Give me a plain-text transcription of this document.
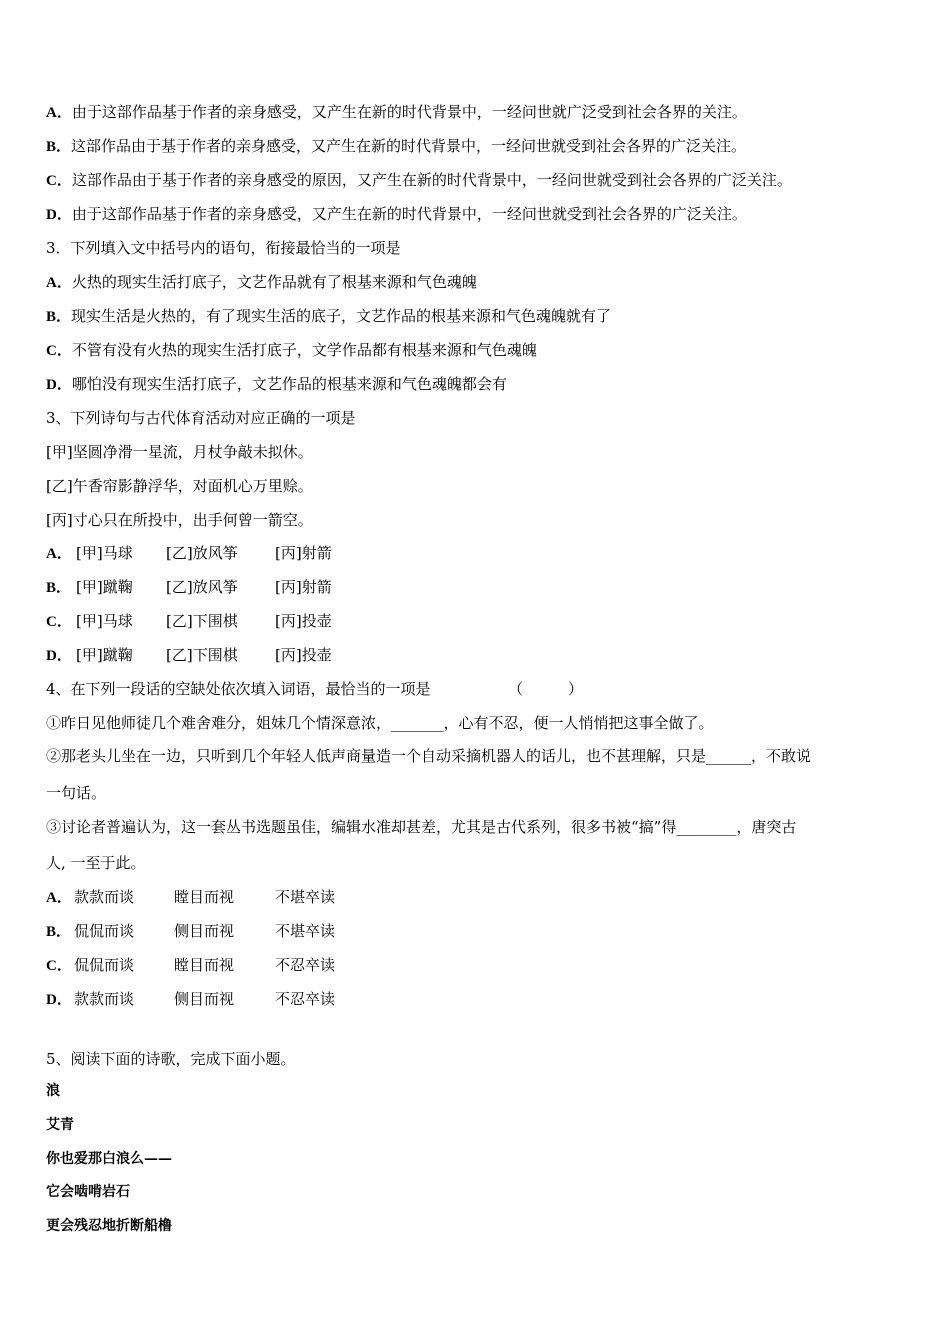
A．由于这部作品基于作者的亲身感受，又产生在新的时代背景中，一经问世就广泛受到社会各界的关注。
B．这部作品由于基于作者的亲身感受，又产生在新的时代背景中，一经问世就受到社会各界的广泛关注。
C．这部作品由于基于作者的亲身感受的原因，又产生在新的时代背景中，一经问世就受到社会各界的广泛关注。
D．由于这部作品基于作者的亲身感受，又产生在新的时代背景中，一经问世就受到社会各界的广泛关注。
3．下列填入文中括号内的语句，衔接最恰当的一项是
A．火热的现实生活打底子，文艺作品就有了根基来源和气色魂魄
B．现实生活是火热的，有了现实生活的底子，文艺作品的根基来源和气色魂魄就有了
C．不管有没有火热的现实生活打底子，文学作品都有根基来源和气色魂魄
D．哪怕没有现实生活打底子，文艺作品的根基来源和气色魂魄都会有
3、下列诗句与古代体育活动对应正确的一项是
[甲]坚圆净滑一星流，月杖争敲未拟休。
[乙]午香帘影静浮华，对面机心万里赊。
[丙]寸心只在所投中，出手何曾一箭空。
A． [甲]马球 [乙]放风筝 [丙]射箭
B． [甲]蹴鞠 [乙]放风筝 [丙]射箭
C． [甲]马球 [乙]下围棋 [丙]投壶
D． [甲]蹴鞠 [乙]下围棋 [丙]投壶
4、在下列一段话的空缺处依次填入词语，最恰当的一项是	（　　　）
①昨日见他师徒几个难舍难分，姐妹几个情深意浓，_______，心有不忍，便一人悄悄把这事全做了。
②那老头儿坐在一边，只听到几个年轻人低声商量造一个自动采摘机器人的话儿，也不甚理解，只是______，不敢说
一句话。
③讨论者普遍认为，这一套丛书选题虽佳，编辑水准却甚差，尤其是古代系列，很多书被“搞”得________，唐突古
人, 一至于此。
A． 款款而谈	瞠目而视	不堪卒读
B． 侃侃而谈	侧目而视	不堪卒读
C． 侃侃而谈	瞠目而视	不忍卒读
D． 款款而谈	侧目而视	不忍卒读
5、阅读下面的诗歌，完成下面小题。
浪
艾青
你也爱那白浪么——
它会啮啃岩石
更会残忍地折断船橹
